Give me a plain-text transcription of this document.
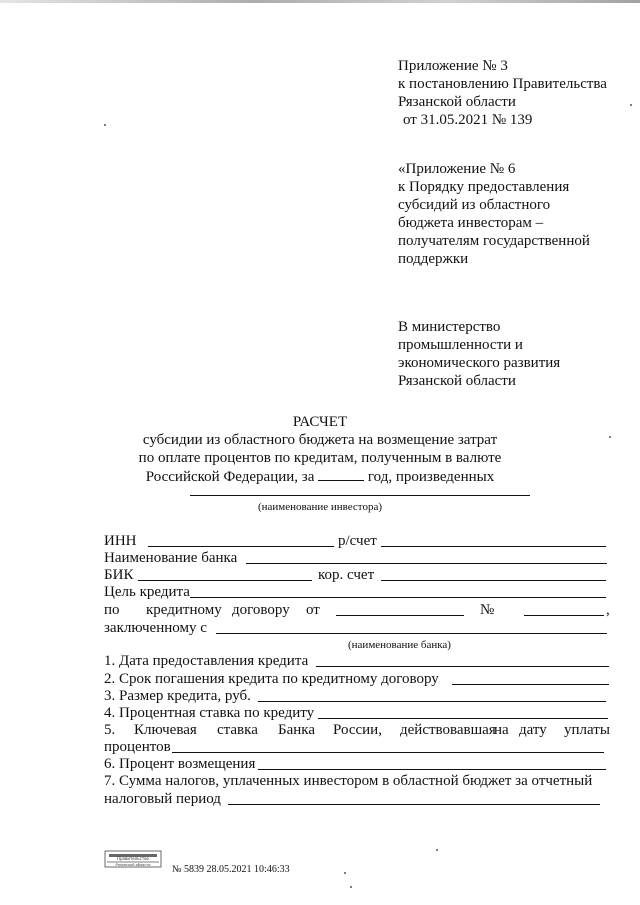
Приложение № 3
к постановлению Правительства
Рязанской области
от 31.05.2021 № 139
«Приложение № 6
к Порядку предоставления
субсидий из областного
бюджета инвесторам –
получателям государственной
поддержки
В министерство
промышленности и
экономического развития
Рязанской области
РАСЧЕТ
субсидии из областного бюджета на возмещение затрат
по оплате процентов по кредитам, полученным в валюте
Российской Федерации, за	год, произведенных
(наименование инвестора)
ИНН	р/счет
Наименование банка
БИК	кор. счет
Цель кредита
по кредитному договору от	№	,
заключенному с
(наименование банка)
1. Дата предоставления кредита
2. Срок погашения кредита по кредитному договору
3. Размер кредита, руб.
4. Процентная ставка по кредиту
5. Ключевая ставка Банка России, действовавшая
на дату уплаты
процентов
6. Процент возмещения
7. Сумма налогов, уплаченных инвестором в областной бюджет за отчетный
налоговый период
Правительство
Рязанской области № 5839 28.05.2021 10:46:33
